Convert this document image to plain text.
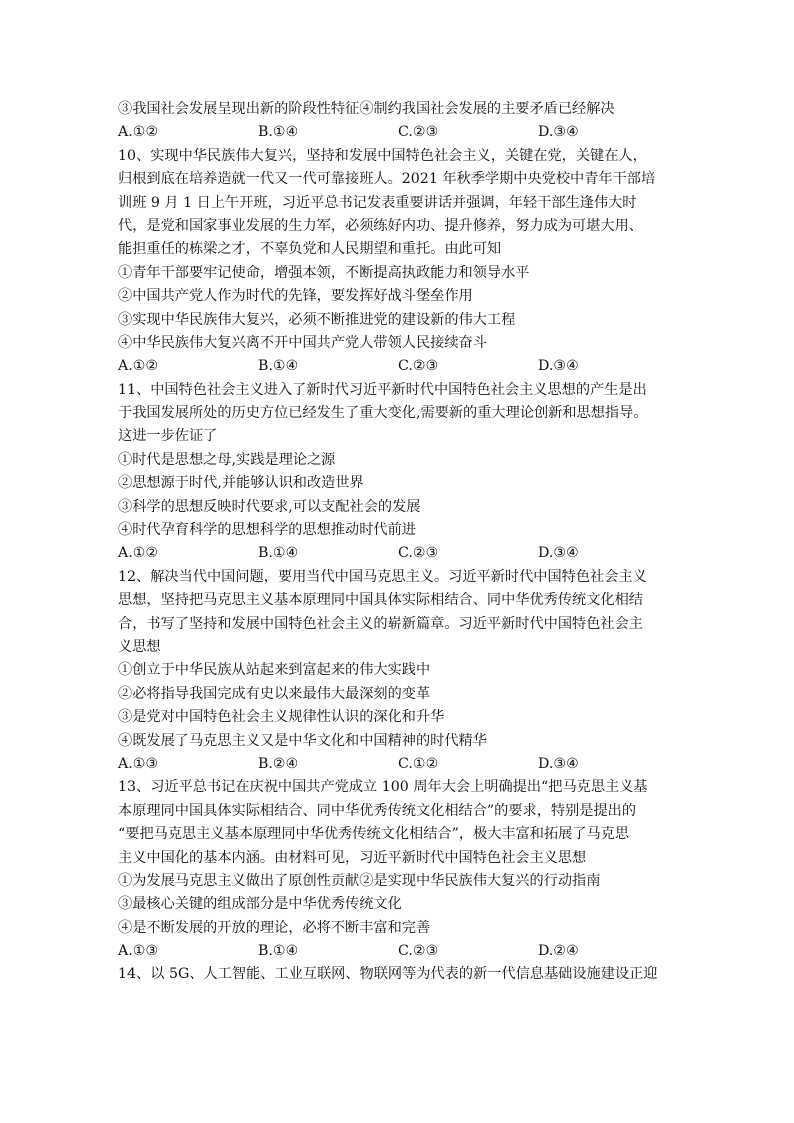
③我国社会发展呈现出新的阶段性特征④制约我国社会发展的主要矛盾已经解决
A.①②	B.①④	C.②③	D.③④
10、实现中华民族伟大复兴，坚持和发展中国特色社会主义，关键在党，关键在人，
归根到底在培养造就一代又一代可靠接班人。2021 年秋季学期中央党校中青年干部培
训班 9 月 1 日上午开班，习近平总书记发表重要讲话并强调，年轻干部生逢伟大时
代，是党和国家事业发展的生力军，必须练好内功、提升修养，努力成为可堪大用、
能担重任的栋梁之才，不辜负党和人民期望和重托。由此可知
①青年干部要牢记使命，增强本领，不断提高执政能力和领导水平
②中国共产党人作为时代的先锋，要发挥好战斗堡垒作用
③实现中华民族伟大复兴，必须不断推进党的建设新的伟大工程
④中华民族伟大复兴离不开中国共产党人带领人民接续奋斗
A.①②	B.①④	C.②③	D.③④
11、中国特色社会主义进入了新时代习近平新时代中国特色社会主义思想的产生是出
于我国发展所处的历史方位已经发生了重大变化,需要新的重大理论创新和思想指导。
这进一步佐证了
①时代是思想之母,实践是理论之源
②思想源于时代,并能够认识和改造世界
③科学的思想反映时代要求,可以支配社会的发展
④时代孕育科学的思想科学的思想推动时代前进
A.①②	B.①④	C.②③	D.③④
12、解决当代中国问题，要用当代中国马克思主义。习近平新时代中国特色社会主义
思想，坚持把马克思主义基本原理同中国具体实际相结合、同中华优秀传统文化相结
合，书写了坚持和发展中国特色社会主义的崭新篇章。习近平新时代中国特色社会主
义思想
①创立于中华民族从站起来到富起来的伟大实践中
②必将指导我国完成有史以来最伟大最深刻的变革
③是党对中国特色社会主义规律性认识的深化和升华
④既发展了马克思主义又是中华文化和中国精神的时代精华
A.①③	B.②④	C.①②	D.③④
13、习近平总书记在庆祝中国共产党成立 100 周年大会上明确提出“把马克思主义基
本原理同中国具体实际相结合、同中华优秀传统文化相结合”的要求，特别是提出的
“要把马克思主义基本原理同中华优秀传统文化相结合”，极大丰富和拓展了马克思
主义中国化的基本内涵。由材料可见，习近平新时代中国特色社会主义思想
①为发展马克思主义做出了原创性贡献②是实现中华民族伟大复兴的行动指南
③最核心关键的组成部分是中华优秀传统文化
④是不断发展的开放的理论，必将不断丰富和完善
A.①③	B.①④	C.②③	D.②④
14、以 5G、人工智能、工业互联网、物联网等为代表的新一代信息基础设施建设正迎
